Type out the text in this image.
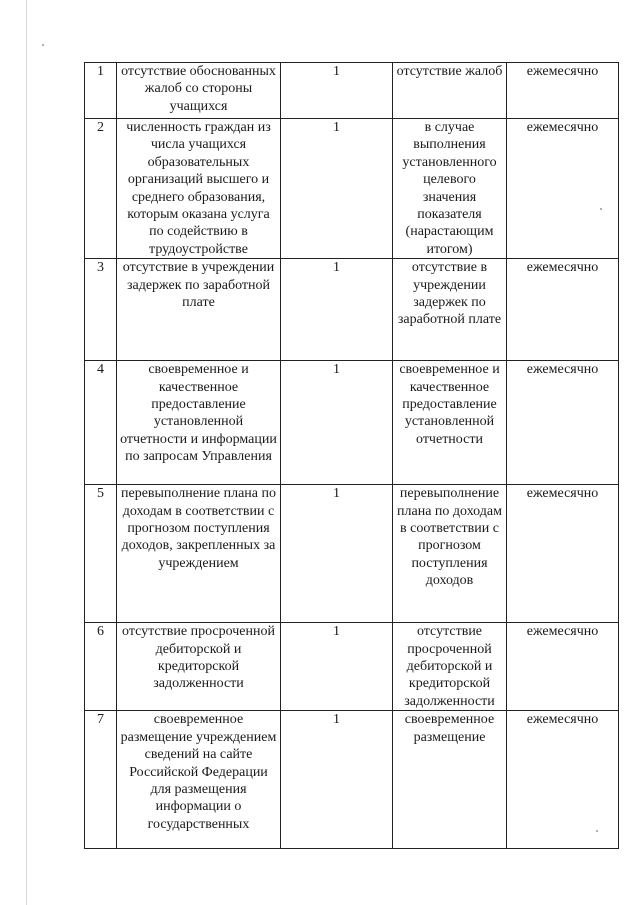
1	отсутствие обоснованных жалоб со стороны учащихся	1	отсутствие жалоб	ежемесячно
2	численность граждан из числа учащихся образовательных организаций высшего и среднего образования, которым оказана услуга по содействию в трудоустройстве	1	в случае выполнения установленного целевого значения показателя (нарастающим итогом)	ежемесячно
3	отсутствие в учреждении задержек по заработной плате	1	отсутствие в учреждении задержек по заработной плате	ежемесячно
4	своевременное и качественное предоставление установленной отчетности и информации по запросам Управления	1	своевременное и качественное предоставление установленной отчетности	ежемесячно
5	перевыполнение плана по доходам в соответствии с прогнозом поступления доходов, закрепленных за учреждением	1	перевыполнение плана по доходам в соответствии с прогнозом поступления доходов	ежемесячно
6	отсутствие просроченной дебиторской и кредиторской задолженности	1	отсутствие просроченной дебиторской и кредиторской задолженности	ежемесячно
7	своевременное размещение учреждением сведений на сайте Российской Федерации для размещения информации о государственных	1	своевременное размещение	ежемесячно
